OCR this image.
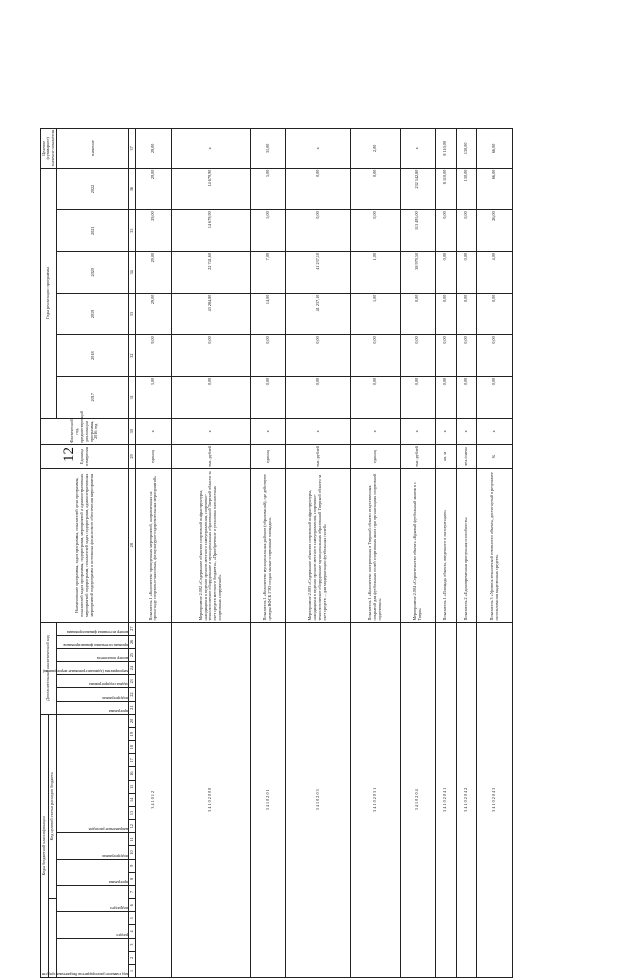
12
Коды бюджетной классификации																				Дополнительный аналитический код							Наименование программы, задач программы, показателей цели программы, показателей задач программы, подпрограмм, мероприятий и административных мероприятий подпрограмм, показателей задач подпрограмм, административных мероприятий подпрограмм и источника финансового обеспечения мероприятия	Единица измерения	Фактический год, предшествующий реализации программы, 2016 год	Годы реализации программы						Целевое (суммарное) значение показателя
						Код целевой статьи расходов бюджета																														

код главного распорядителя бюджетных средств			раздел		подраздел		программа		подпрограмма		направление расходов									программа	подпрограмма	задача подпрограммы	мероприятия (административные мероприятия)	номер показателя	признак источника финансирования	номер источника финансирования				2017	2018	2019	2020	2021	2022	значение
1	2	3	4	5	6	7	8	9	10	11	12	13	14	15	16	17	18	19	20	21	22	23	24	25	26	27	28	29	30	31	32	33	34	35	36	37
3 4 1 0 1 2																											Показатель 1 «Количество проведенных мероприятий, направленных на пропаганду спортивно-массовых, физкультурно-оздоровительных мероприятий»	единиц	x	3,00	9,00	29,00	29,00	29,00	29,00	29,00
3 4 1 0 2 0 0 0																											Мероприятие 2.002 «Содержание объектов спортивной инфраструктуры, находящихся в ведении органов местного самоуправления, спортивно-технологическое оборудование и муниципальных образований Тверской области за счет средств местного бюджета», «Приобретение и установка плоскостных спортивных сооружений»	тыс. рублей	x	0,00	0,00	43 284,80	22 741,60	14 679,90	14 679,90	x
3 4 1 0 2 0 1																											Показатель 1 «Количество муниципальных районов (образований), где действуют центры ВФСК ГТО создан малые спортивные площадки»	единиц	x	0,00	0,00	14,00	7,00	5,00	5,00	31,00
3 4 1 0 2 0 3																											Мероприятие 2.003 «Содержание объектов спортивной инфраструктуры, находящихся в ведении органов местного самоуправления, спортивно-технологическое оборудование муниципальных образований Тверской области за счет средств ... для модернизации футбольных полей»	тыс. рублей	x	0,00	0,00	41 237,10	41 237,10	0,00	0,00	x
3 4 1 0 2 0 3 1																											Показатель 1 «Количество построенных в Тверской области искусственных покрытий для футбольных полей спортивных школ при организациях спортивной подготовки»	единиц	x	0,00	0,00	1,00	1,00	0,00	0,00	2,00
3 4 1 0 2 0 4																											Мероприятие 2.004 «Строительство объекта «Крытый футбольный манеж в г. Твери»	тыс. рублей	x	0,00	0,00	0,00	38 979,50	113 495,00	232 542,80	x
3 4 1 0 2 0 4 1																											Показатель 1 «Площадь объекта, введенного в эксплуатацию»	кв. м	x	0,00	0,00	0,00	0,00	0,00	8 110,00	8 110,00
3 4 1 0 2 0 4 2																											Показатель 2 «Единовременная пропускная способность»	чел./смена	x	0,00	0,00	0,00	0,00	0,00	130,00	130,00
3 4 1 0 2 0 4 3																											Показатель 3 «Уровень технической готовности объекта, достигнутый в результате использования выделенных средств»	%	x	0,00	0,00	0,00	4,00	26,00	66,00	66,00
